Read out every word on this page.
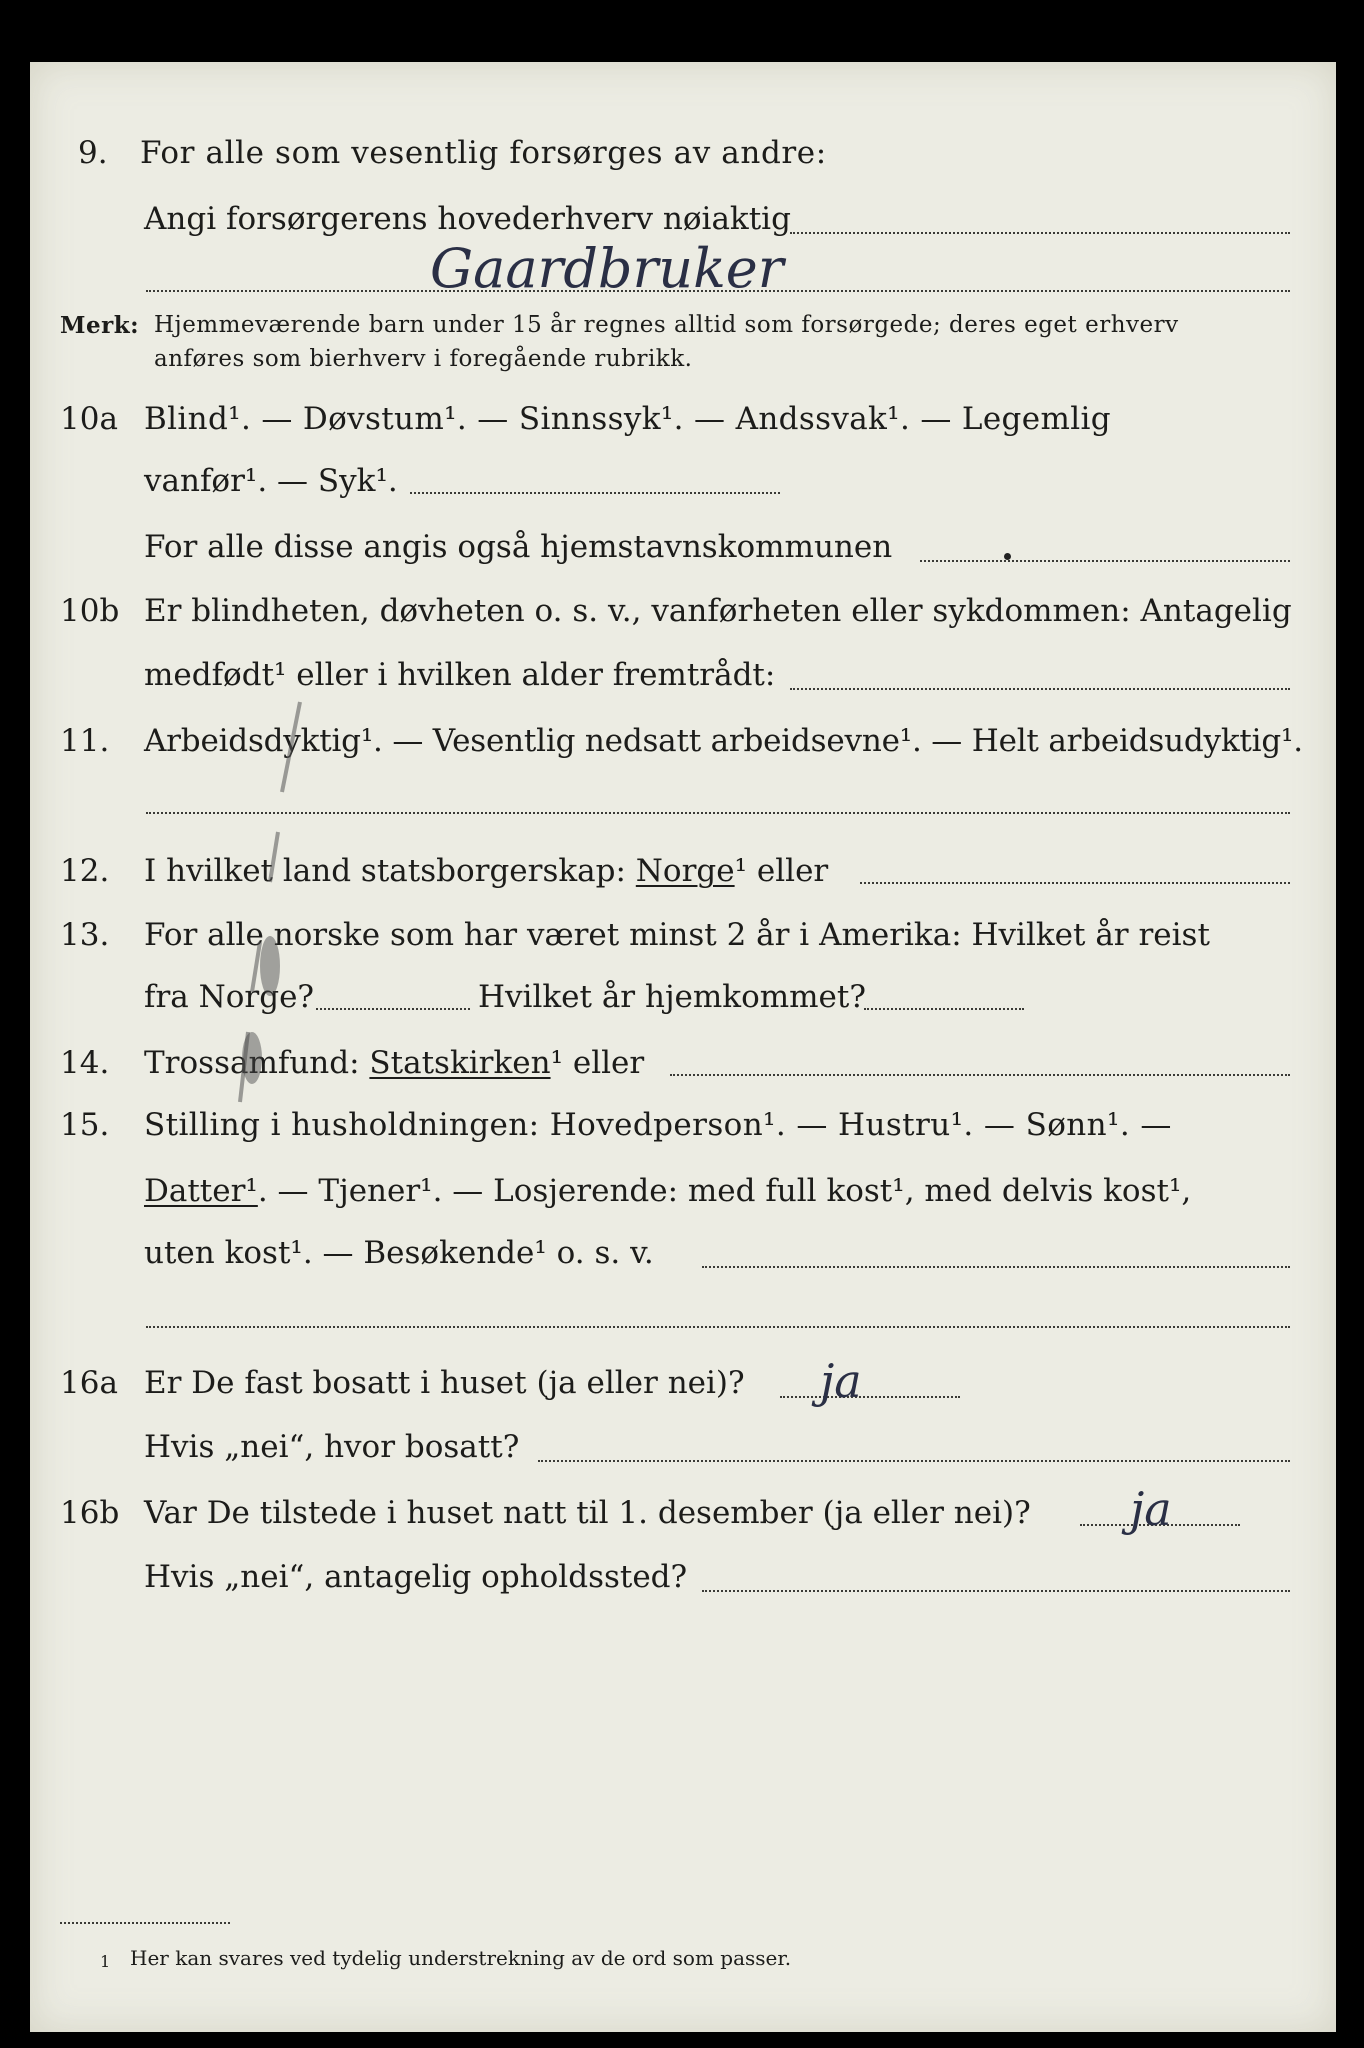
9. For alle som vesentlig forsørges av andre:
Angi forsørgerens hovederhverv nøiaktig
Gaardbruker
Merk: Hjemmeværende barn under 15 år regnes alltid som forsørgede; deres eget erhverv
anføres som bierhverv i foregående rubrikk.
10a Blind¹. — Døvstum¹. — Sinnssyk¹. — Andssvak¹. — Legemlig
vanfør¹. — Syk¹.
For alle disse angis også hjemstavnskommunen
10b Er blindheten, døvheten o. s. v., vanførheten eller sykdommen: Antagelig
medfødt¹ eller i hvilken alder fremtrådt:
11. Arbeidsdyktig¹. — Vesentlig nedsatt arbeidsevne¹. — Helt arbeidsudyktig¹.
12. I hvilket land statsborgerskap: Norge¹ eller
13. For alle norske som har været minst 2 år i Amerika: Hvilket år reist
fra Norge?	Hvilket år hjemkommet?
14. Trossamfund: Statskirken¹ eller
15. Stilling i husholdningen: Hovedperson¹. — Hustru¹. — Sønn¹. —
Datter¹. — Tjener¹. — Losjerende: med full kost¹, med delvis kost¹,
uten kost¹. — Besøkende¹ o. s. v.
16a Er De fast bosatt i huset (ja eller nei)? ja
Hvis „nei“, hvor bosatt?
16b Var De tilstede i huset natt til 1. desember (ja eller nei)? ja
Hvis „nei“, antagelig opholdssted?
1 Her kan svares ved tydelig understrekning av de ord som passer.
